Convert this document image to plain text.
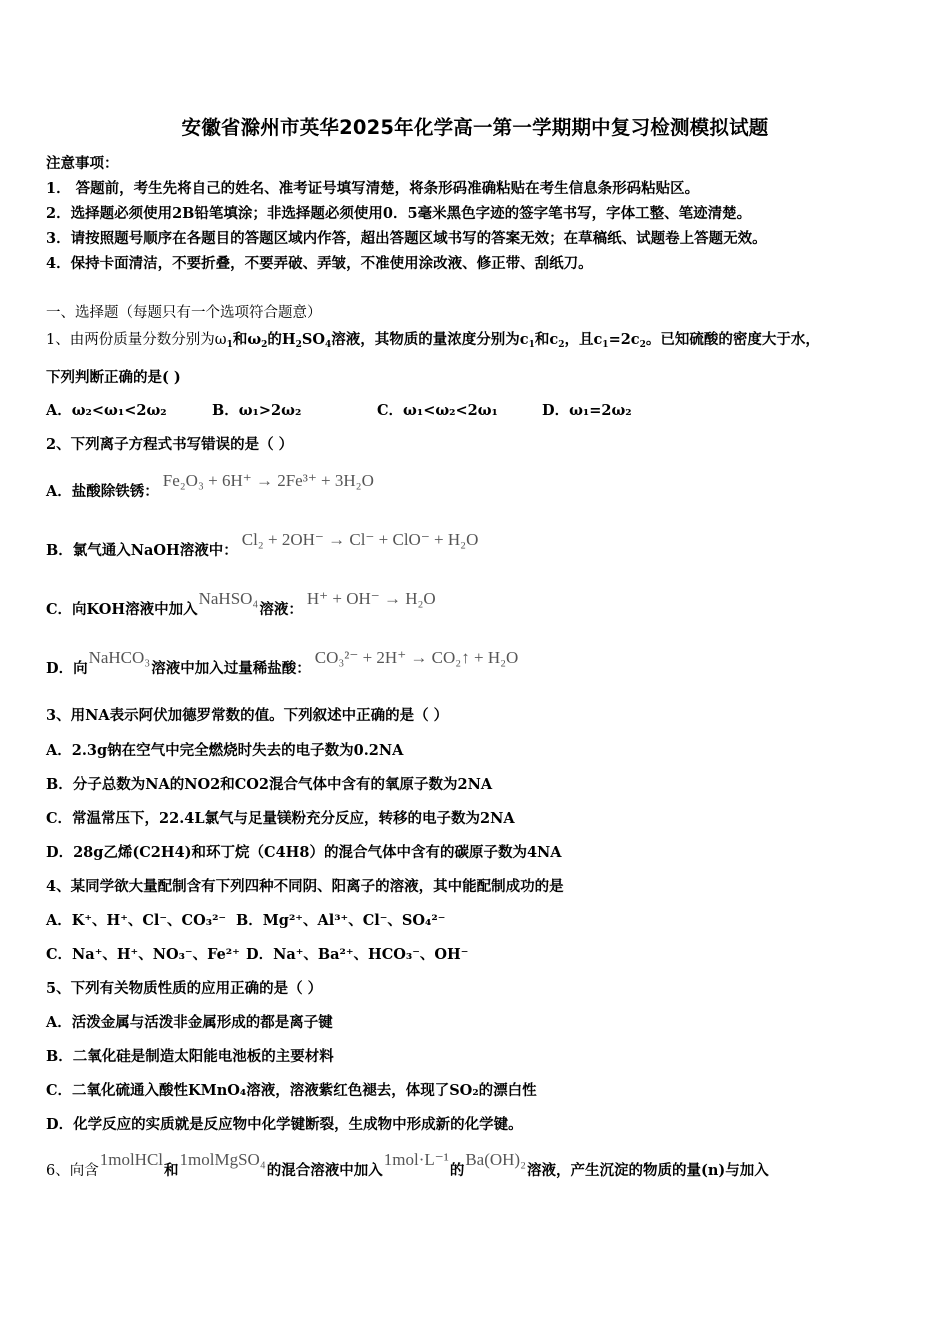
安徽省滁州市英华2025年化学高一第一学期期中复习检测模拟试题
注意事项：
1． 答题前，考生先将自己的姓名、准考证号填写清楚，将条形码准确粘贴在考生信息条形码粘贴区。
2．选择题必须使用2B铅笔填涂；非选择题必须使用0．5毫米黑色字迹的签字笔书写，字体工整、笔迹清楚。
3．请按照题号顺序在各题目的答题区域内作答，超出答题区域书写的答案无效；在草稿纸、试题卷上答题无效。
4．保持卡面清洁，不要折叠，不要弄破、弄皱，不准使用涂改液、修正带、刮纸刀。
一、选择题（每题只有一个选项符合题意）
1、由两份质量分数分别为$\omega_1$和$\omega_2$的$H_2SO_4$溶液，其物质的量浓度分别为$c_1$和$c_2$，且$c_1=2c_2$。已知硫酸的密度大于水，
下列判断正确的是( )
A．ω₂<ω₁<2ω₂	B．ω₁>2ω₂	C．ω₁<ω₂<2ω₁	D．ω₁=2ω₂
2、下列离子方程式书写错误的是（ ）
A．盐酸除铁锈：Fe₂O₃ + 6H⁺ → 2Fe³⁺ + 3H₂O
B．氯气通入NaOH溶液中：Cl₂ + 2OH⁻ → Cl⁻ + ClO⁻ + H₂O
C．向KOH溶液中加入NaHSO₄溶液：H⁺ + OH⁻ → H₂O
D．向NaHCO₃溶液中加入过量稀盐酸：CO₃²⁻ + 2H⁺ → CO₂↑ + H₂O
3、用NA表示阿伏加德罗常数的值。下列叙述中正确的是（ ）
A．2.3g钠在空气中完全燃烧时失去的电子数为0.2NA
B．分子总数为NA的NO2和CO2混合气体中含有的氧原子数为2NA
C．常温常压下，22.4L氯气与足量镁粉充分反应，转移的电子数为2NA
D．28g乙烯(C2H4)和环丁烷（C4H8）的混合气体中含有的碳原子数为4NA
4、某同学欲大量配制含有下列四种不同阴、阳离子的溶液，其中能配制成功的是
A．K⁺、H⁺、Cl⁻、CO₃²⁻ B．Mg²⁺、Al³⁺、Cl⁻、SO₄²⁻
C．Na⁺、H⁺、NO₃⁻、Fe²⁺ D．Na⁺、Ba²⁺、HCO₃⁻、OH⁻
5、下列有关物质性质的应用正确的是（ ）
A．活泼金属与活泼非金属形成的都是离子键
B．二氧化硅是制造太阳能电池板的主要材料
C．二氧化硫通入酸性KMnO₄溶液，溶液紫红色褪去，体现了SO₂的漂白性
D．化学反应的实质就是反应物中化学键断裂，生成物中形成新的化学键。
6、向含1molHCl和1molMgSO₄的混合溶液中加入1mol·L⁻¹的Ba(OH)₂溶液，产生沉淀的物质的量(n)与加入
